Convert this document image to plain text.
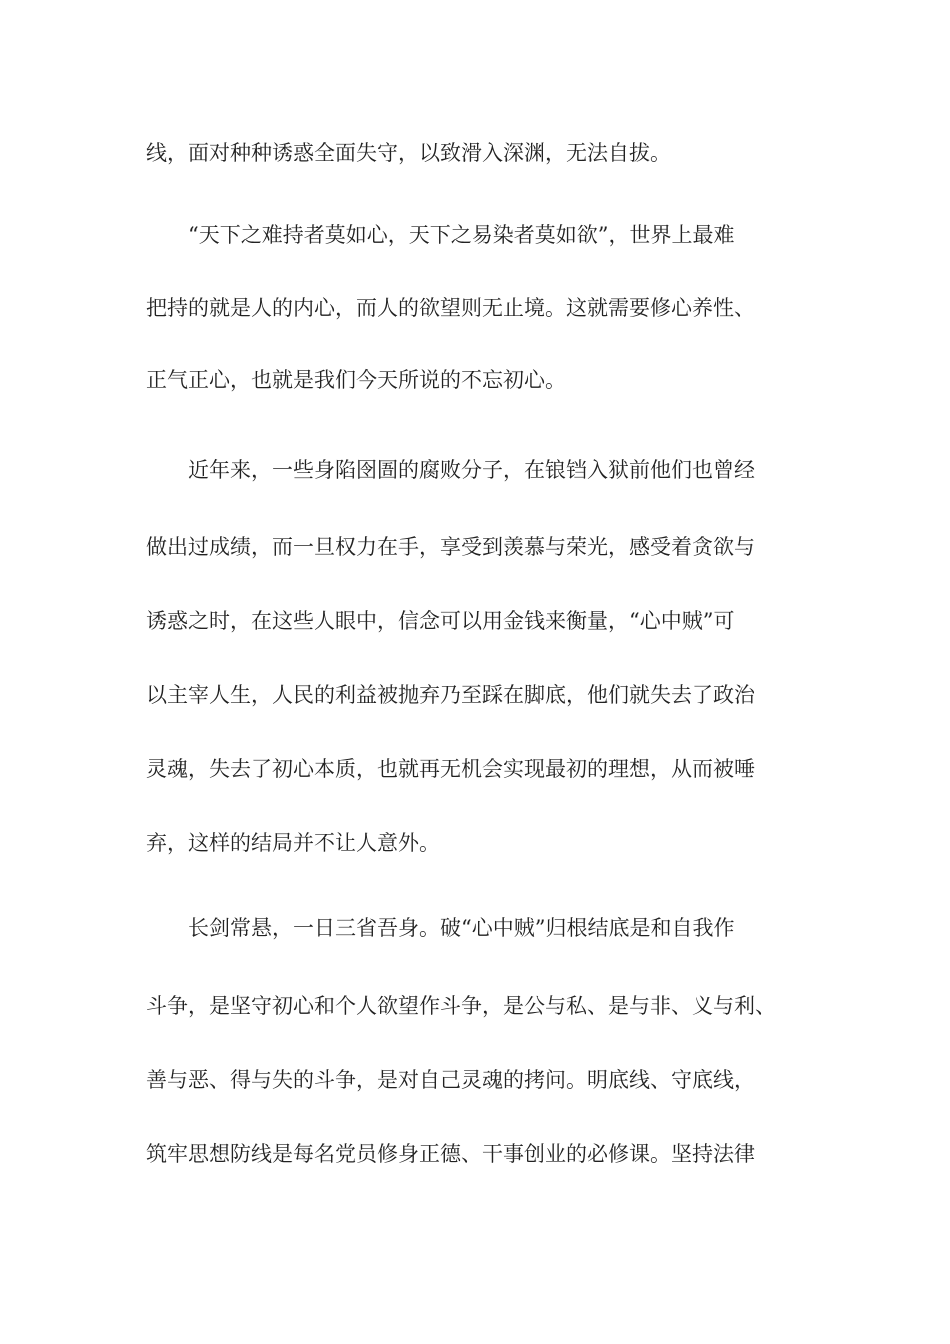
线，面对种种诱惑全面失守，以致滑入深渊，无法自拔。

“天下之难持者莫如心，天下之易染者莫如欲”，世界上最难

把持的就是人的内心，而人的欲望则无止境。这就需要修心养性、

正气正心，也就是我们今天所说的不忘初心。

近年来，一些身陷囹圄的腐败分子，在锒铛入狱前他们也曾经

做出过成绩，而一旦权力在手，享受到羡慕与荣光，感受着贪欲与

诱惑之时，在这些人眼中，信念可以用金钱来衡量，“心中贼”可

以主宰人生，人民的利益被抛弃乃至踩在脚底，他们就失去了政治

灵魂，失去了初心本质，也就再无机会实现最初的理想，从而被唾

弃，这样的结局并不让人意外。

长剑常悬，一日三省吾身。破“心中贼”归根结底是和自我作

斗争，是坚守初心和个人欲望作斗争，是公与私、是与非、义与利、

善与恶、得与失的斗争，是对自己灵魂的拷问。明底线、守底线，

筑牢思想防线是每名党员修身正德、干事创业的必修课。坚持法律
